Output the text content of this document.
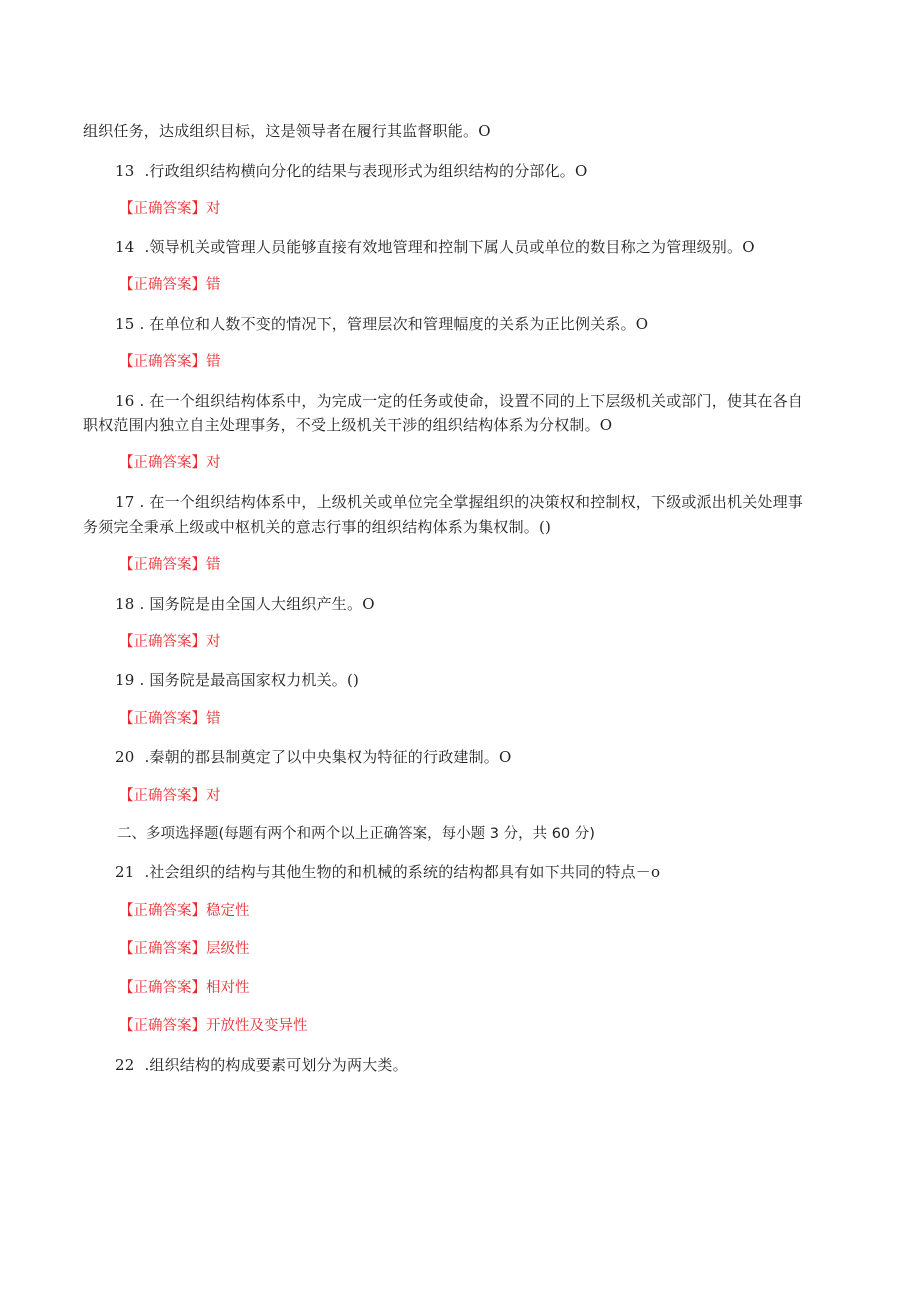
组织任务，达成组织目标，这是领导者在履行其监督职能。O
13 .行政组织结构横向分化的结果与表现形式为组织结构的分部化。O
【正确答案】对
14 .领导机关或管理人员能够直接有效地管理和控制下属人员或单位的数目称之为管理级别。O
【正确答案】错
15 . 在单位和人数不变的情况下，管理层次和管理幅度的关系为正比例关系。O
【正确答案】错
16 . 在一个组织结构体系中，为完成一定的任务或使命，设置不同的上下层级机关或部门，使其在各自
职权范围内独立自主处理事务，不受上级机关干涉的组织结构体系为分权制。O
【正确答案】对
17 . 在一个组织结构体系中，上级机关或单位完全掌握组织的决策权和控制权，下级或派出机关处理事
务须完全秉承上级或中枢机关的意志行事的组织结构体系为集权制。()
【正确答案】错
18 . 国务院是由全国人大组织产生。O
【正确答案】对
19 . 国务院是最高国家权力机关。()
【正确答案】错
20 .秦朝的郡县制奠定了以中央集权为特征的行政建制。O
【正确答案】对
二、多项选择题(每题有两个和两个以上正确答案，每小题 3 分，共 60 分)
21 .社会组织的结构与其他生物的和机械的系统的结构都具有如下共同的特点－o
【正确答案】稳定性
【正确答案】层级性
【正确答案】相对性
【正确答案】开放性及变异性
22 .组织结构的构成要素可划分为两大类。
